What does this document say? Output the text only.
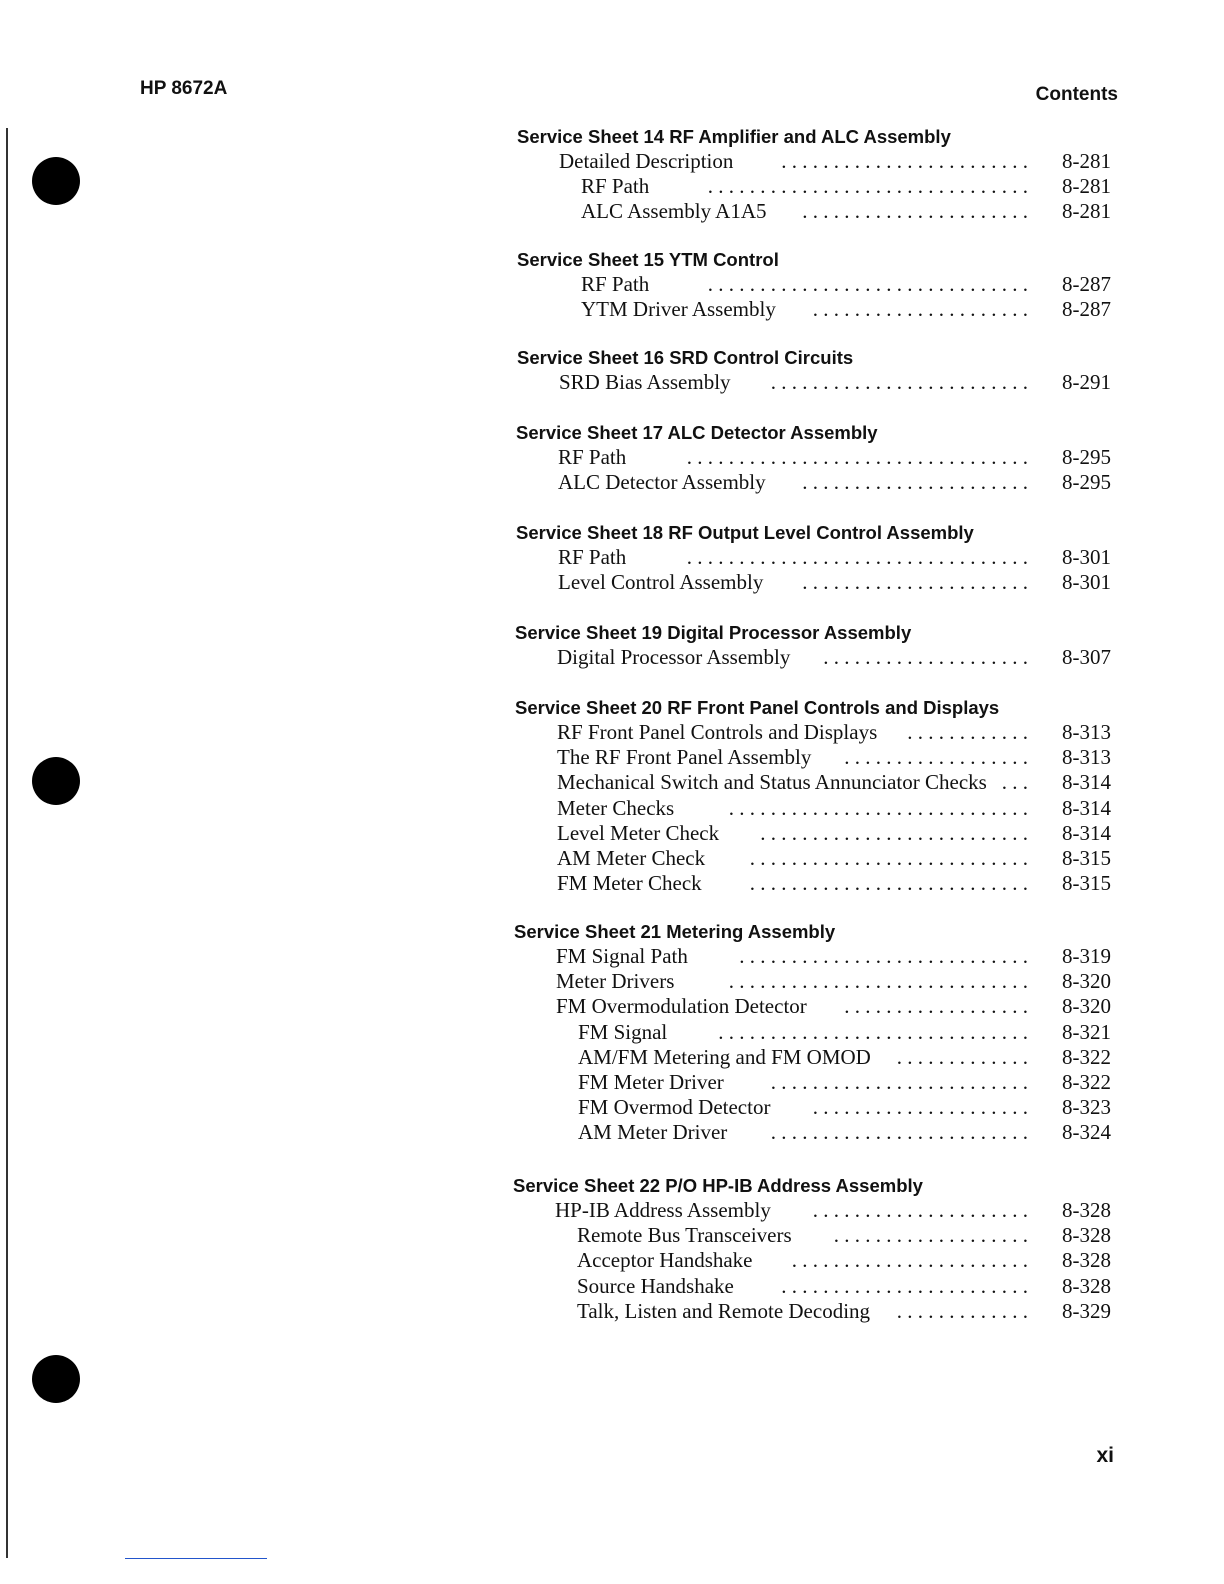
HP 8672A	Contents
Service Sheet 14 RF Amplifier and ALC Assembly
Detailed Description	8-281
. . . . . . . . . . . . . . . . . . . . . . . .
RF Path	8-281
. . . . . . . . . . . . . . . . . . . . . . . . . . . . . . .
ALC Assembly A1A5	8-281
. . . . . . . . . . . . . . . . . . . . . .
Service Sheet 15 YTM Control
RF Path	8-287
. . . . . . . . . . . . . . . . . . . . . . . . . . . . . . .
YTM Driver Assembly	8-287
. . . . . . . . . . . . . . . . . . . . .
Service Sheet 16 SRD Control Circuits
SRD Bias Assembly	8-291
. . . . . . . . . . . . . . . . . . . . . . . . .
Service Sheet 17 ALC Detector Assembly
RF Path	8-295
. . . . . . . . . . . . . . . . . . . . . . . . . . . . . . . . .
ALC Detector Assembly	8-295
. . . . . . . . . . . . . . . . . . . . . .
Service Sheet 18 RF Output Level Control Assembly
RF Path	8-301
. . . . . . . . . . . . . . . . . . . . . . . . . . . . . . . . .
Level Control Assembly	8-301
. . . . . . . . . . . . . . . . . . . . . .
Service Sheet 19 Digital Processor Assembly
Digital Processor Assembly	8-307
. . . . . . . . . . . . . . . . . . . .
Service Sheet 20 RF Front Panel Controls and Displays
RF Front Panel Controls and Displays	8-313
. . . . . . . . . . . .
The RF Front Panel Assembly	8-313
. . . . . . . . . . . . . . . . . .
Mechanical Switch and Status Annunciator Checks	8-314
. . .
Meter Checks	8-314
. . . . . . . . . . . . . . . . . . . . . . . . . . . . .
Level Meter Check	8-314
. . . . . . . . . . . . . . . . . . . . . . . . . .
AM Meter Check	8-315
. . . . . . . . . . . . . . . . . . . . . . . . . . .
FM Meter Check	8-315
. . . . . . . . . . . . . . . . . . . . . . . . . . .
Service Sheet 21 Metering Assembly
FM Signal Path	8-319
. . . . . . . . . . . . . . . . . . . . . . . . . . . .
Meter Drivers	8-320
. . . . . . . . . . . . . . . . . . . . . . . . . . . . .
FM Overmodulation Detector	8-320
. . . . . . . . . . . . . . . . . .
FM Signal	8-321
. . . . . . . . . . . . . . . . . . . . . . . . . . . . . .
AM/FM Metering and FM OMOD	8-322
. . . . . . . . . . . . .
FM Meter Driver	8-322
. . . . . . . . . . . . . . . . . . . . . . . . .
FM Overmod Detector	8-323
. . . . . . . . . . . . . . . . . . . . .
AM Meter Driver	8-324
. . . . . . . . . . . . . . . . . . . . . . . . .
Service Sheet 22 P/O HP-IB Address Assembly
HP-IB Address Assembly	8-328
. . . . . . . . . . . . . . . . . . . . .
Remote Bus Transceivers	8-328
. . . . . . . . . . . . . . . . . . .
Acceptor Handshake	8-328
. . . . . . . . . . . . . . . . . . . . . . .
Source Handshake	8-328
. . . . . . . . . . . . . . . . . . . . . . . .
Talk, Listen and Remote Decoding	8-329
. . . . . . . . . . . . .
xi
